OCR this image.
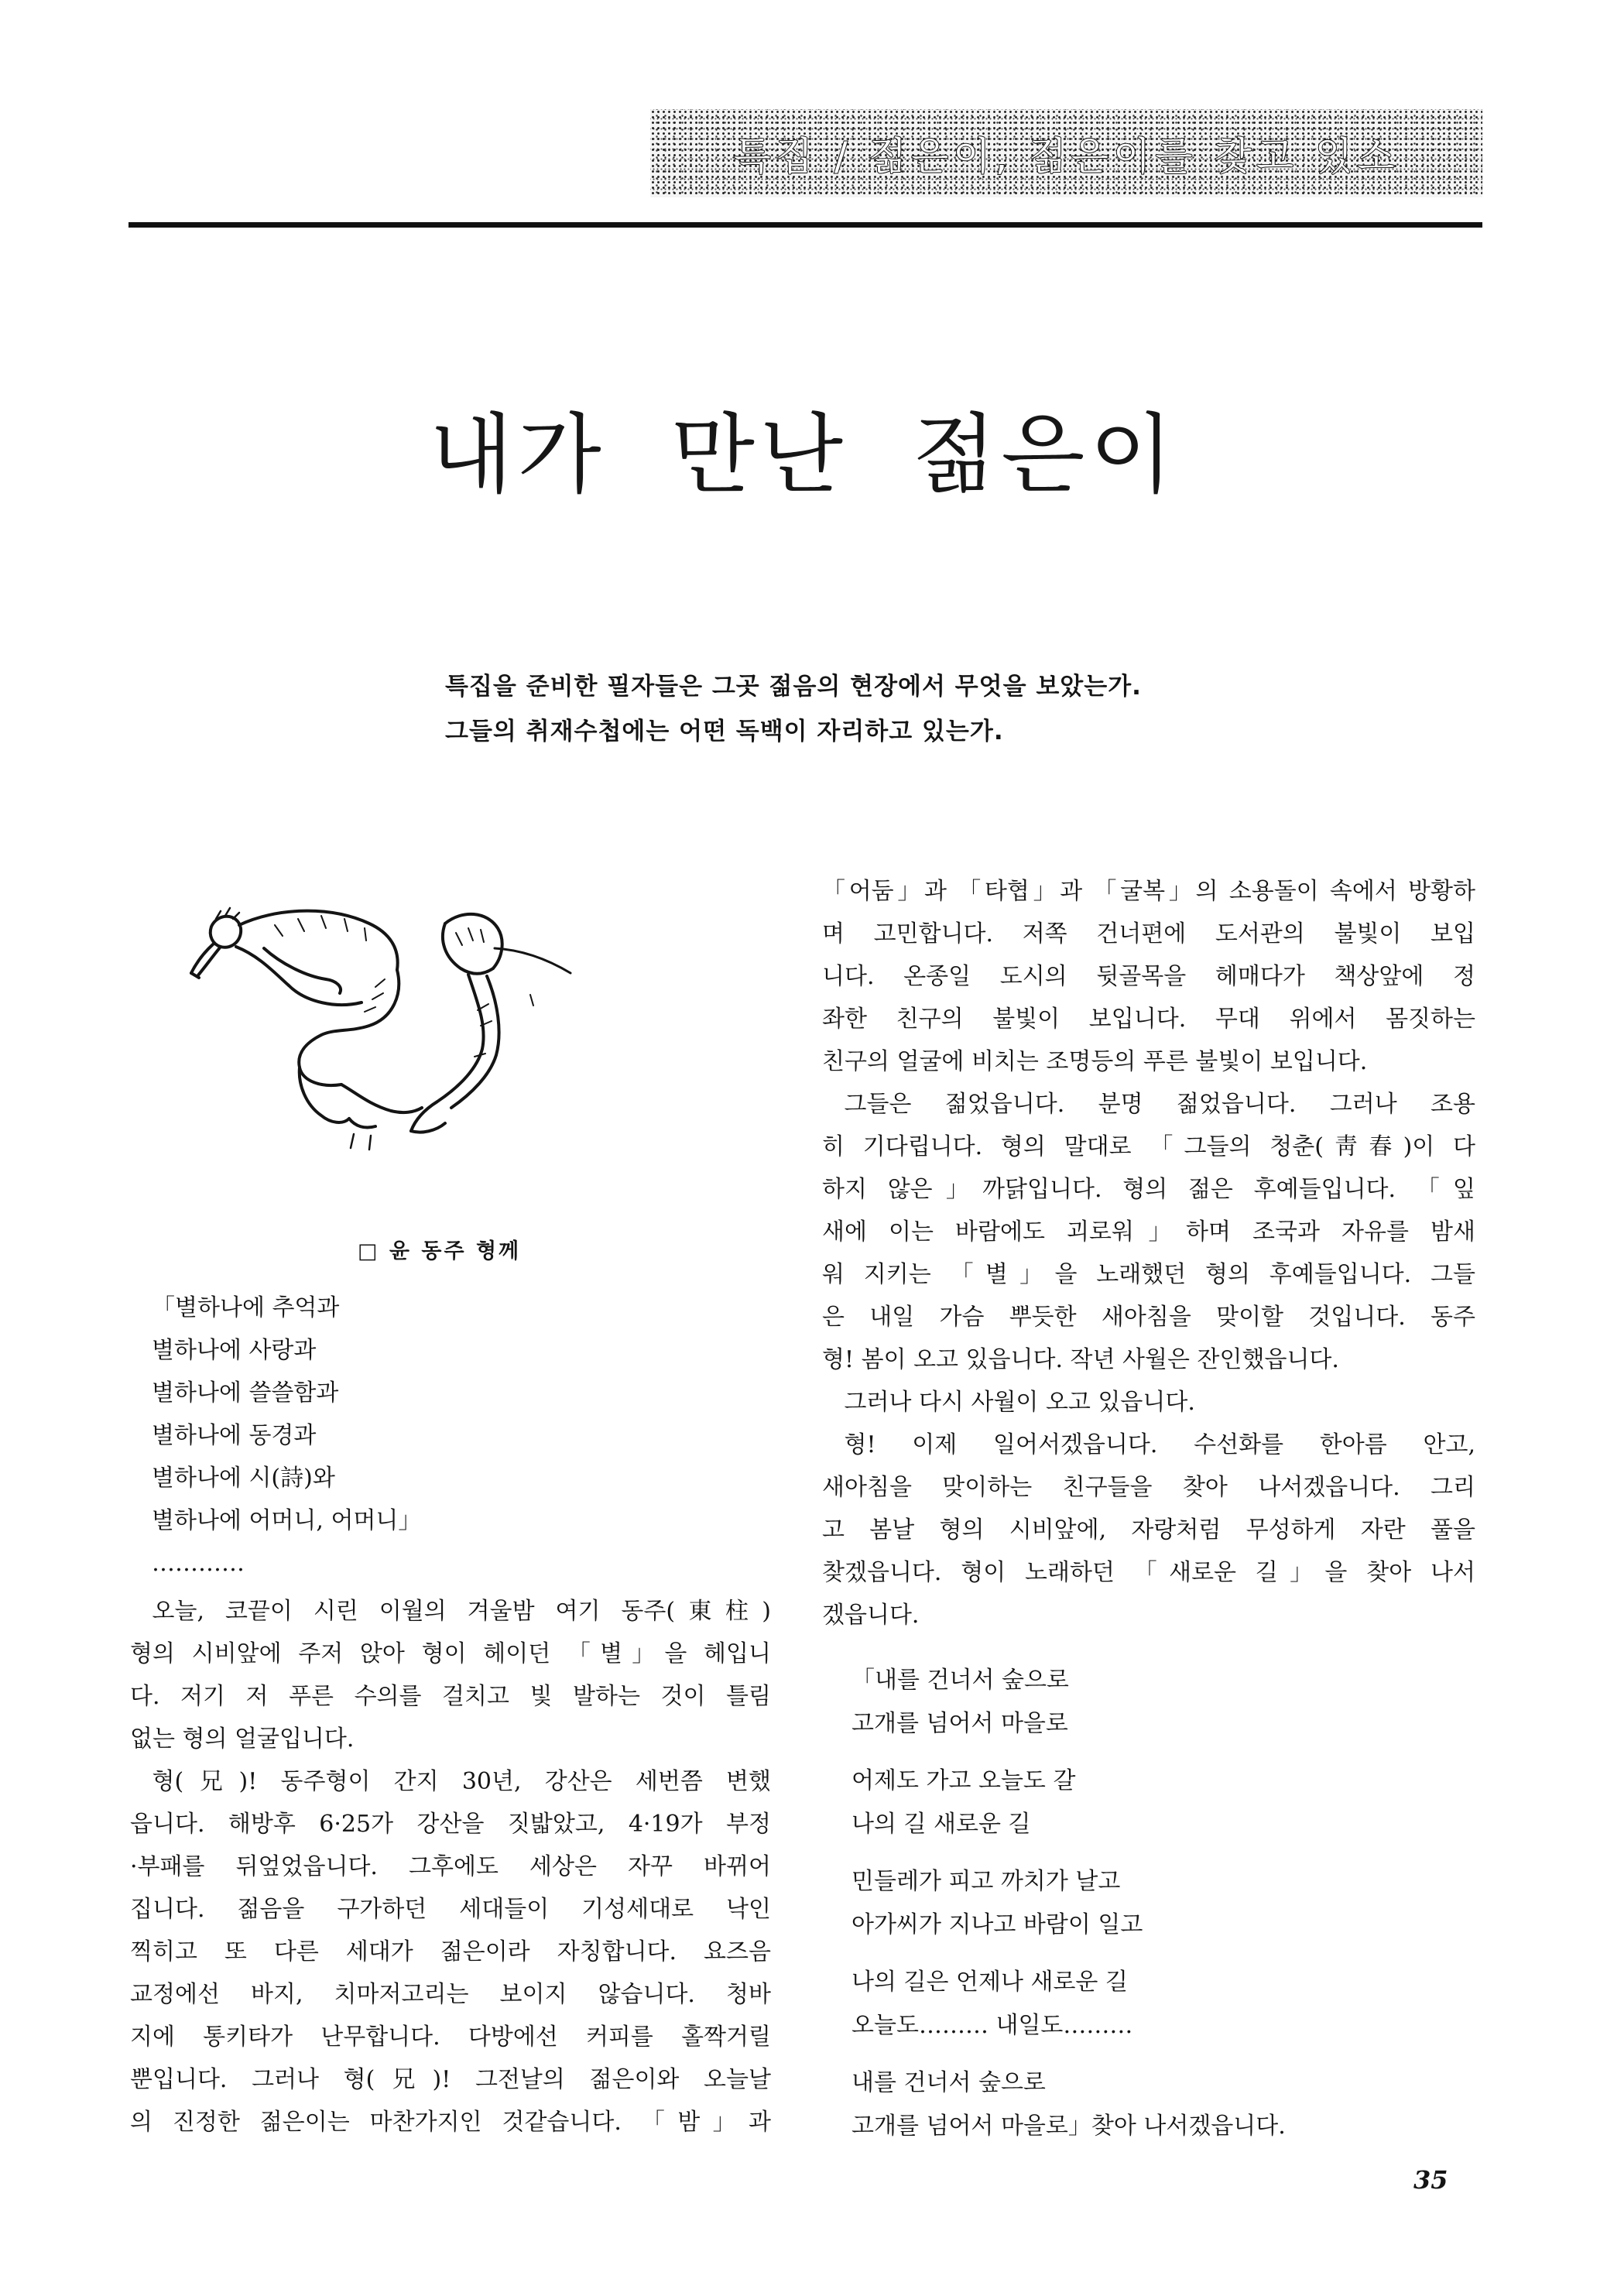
특집 / 젊은이, 젊은이를 찾고 있소
내가 만난 젊은이
특집을 준비한 필자들은 그곳 젊음의 현장에서 무엇을 보았는가.
그들의 취재수첩에는 어떤 독백이 자리하고 있는가.
□ 윤 동주 형께
「별하나에 추억과
별하나에 사랑과
별하나에 쓸쓸함과
별하나에 동경과
별하나에 시(詩)와
별하나에 어머니, 어머니」
…………
오늘, 코끝이 시린 이월의 겨울밤 여기 동주(東柱)
형의 시비앞에 주저 앉아 형이 헤이던 「별」을 헤입니
다. 저기 저 푸른 수의를 걸치고 빛 발하는 것이 틀림
없는 형의 얼굴입니다.
형(兄)! 동주형이 간지 30년, 강산은 세번쯤 변했
읍니다. 해방후 6·25가 강산을 짓밟았고, 4·19가 부정
·부패를 뒤엎었읍니다. 그후에도 세상은 자꾸 바뀌어
집니다. 젊음을 구가하던 세대들이 기성세대로 낙인
찍히고 또 다른 세대가 젊은이라 자칭합니다. 요즈음
교정에선 바지, 치마저고리는 보이지 않습니다. 청바
지에 통키타가 난무합니다. 다방에선 커피를 홀짝거릴
뿐입니다. 그러나 형(兄)! 그전날의 젊은이와 오늘날
의 진정한 젊은이는 마찬가지인 것같습니다. 「밤」과
「어둠」과 「타협」과 「굴복」의 소용돌이 속에서 방황하
며 고민합니다. 저쪽 건너편에 도서관의 불빛이 보입
니다. 온종일 도시의 뒷골목을 헤매다가 책상앞에 정
좌한 친구의 불빛이 보입니다. 무대 위에서 몸짓하는
친구의 얼굴에 비치는 조명등의 푸른 불빛이 보입니다.
그들은 젊었읍니다. 분명 젊었읍니다. 그러나 조용
히 기다립니다. 형의 말대로 「그들의 청춘(靑春)이 다
하지 않은」까닭입니다. 형의 젊은 후예들입니다. 「잎
새에 이는 바람에도 괴로워」하며 조국과 자유를 밤새
워 지키는 「별」을 노래했던 형의 후예들입니다. 그들
은 내일 가슴 뿌듯한 새아침을 맞이할 것입니다. 동주
형! 봄이 오고 있읍니다. 작년 사월은 잔인했읍니다.
그러나 다시 사월이 오고 있읍니다.
형! 이제 일어서겠읍니다. 수선화를 한아름 안고,
새아침을 맞이하는 친구들을 찾아 나서겠읍니다. 그리
고 봄날 형의 시비앞에, 자랑처럼 무성하게 자란 풀을
찾겠읍니다. 형이 노래하던 「새로운 길」을 찾아 나서
겠읍니다.
「내를 건너서 숲으로
고개를 넘어서 마을로
어제도 가고 오늘도 갈
나의 길 새로운 길
민들레가 피고 까치가 날고
아가씨가 지나고 바람이 일고
나의 길은 언제나 새로운 길
오늘도……… 내일도………
내를 건너서 숲으로
고개를 넘어서 마을로」찾아 나서겠읍니다.
35
